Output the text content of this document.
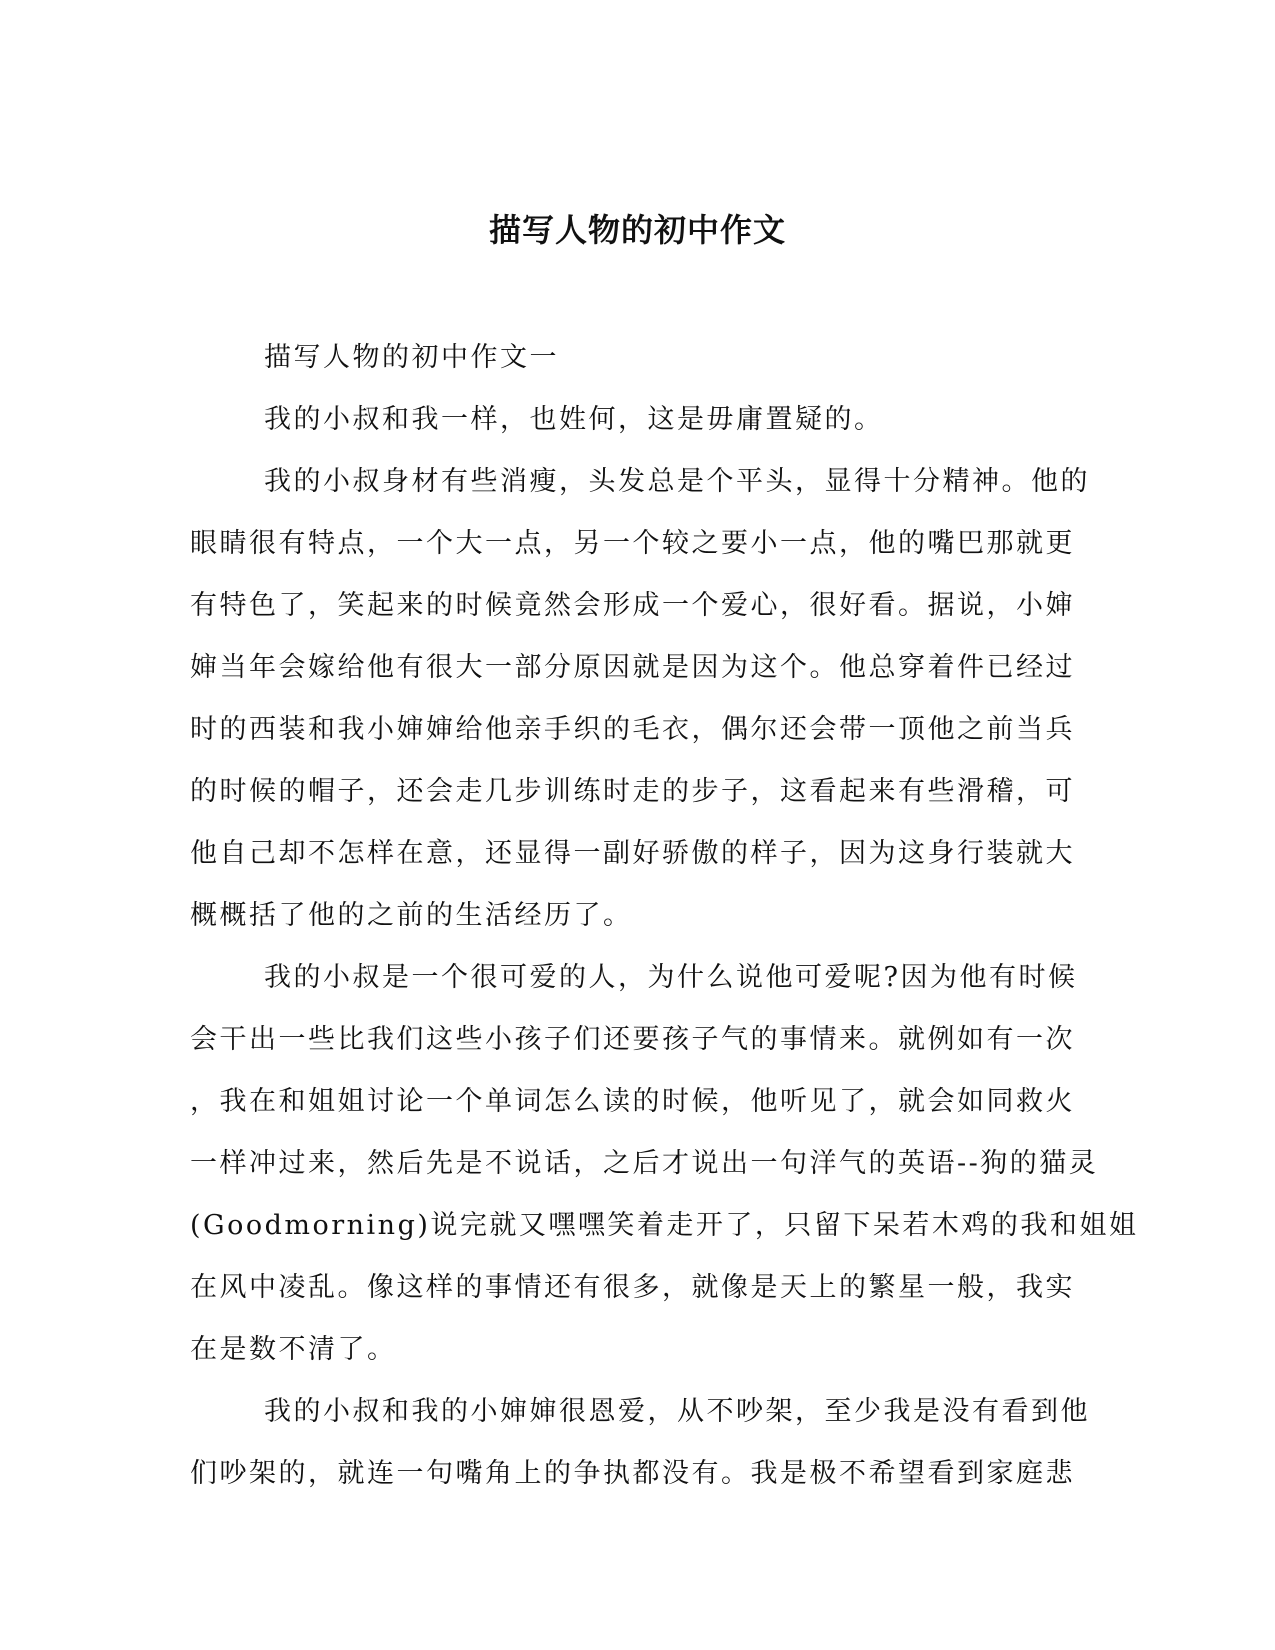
描写人物的初中作文
描写人物的初中作文一
我的小叔和我一样，也姓何，这是毋庸置疑的。
我的小叔身材有些消瘦，头发总是个平头，显得十分精神。他的
眼睛很有特点，一个大一点，另一个较之要小一点，他的嘴巴那就更
有特色了，笑起来的时候竟然会形成一个爱心，很好看。据说，小婶
婶当年会嫁给他有很大一部分原因就是因为这个。他总穿着件已经过
时的西装和我小婶婶给他亲手织的毛衣，偶尔还会带一顶他之前当兵
的时候的帽子，还会走几步训练时走的步子，这看起来有些滑稽，可
他自己却不怎样在意，还显得一副好骄傲的样子，因为这身行装就大
概概括了他的之前的生活经历了。
我的小叔是一个很可爱的人，为什么说他可爱呢?因为他有时候
会干出一些比我们这些小孩子们还要孩子气的事情来。就例如有一次
，我在和姐姐讨论一个单词怎么读的时候，他听见了，就会如同救火
一样冲过来，然后先是不说话，之后才说出一句洋气的英语--狗的猫灵
(Goodmorning)说完就又嘿嘿笑着走开了，只留下呆若木鸡的我和姐姐
在风中凌乱。像这样的事情还有很多，就像是天上的繁星一般，我实
在是数不清了。
我的小叔和我的小婶婶很恩爱，从不吵架，至少我是没有看到他
们吵架的，就连一句嘴角上的争执都没有。我是极不希望看到家庭悲
